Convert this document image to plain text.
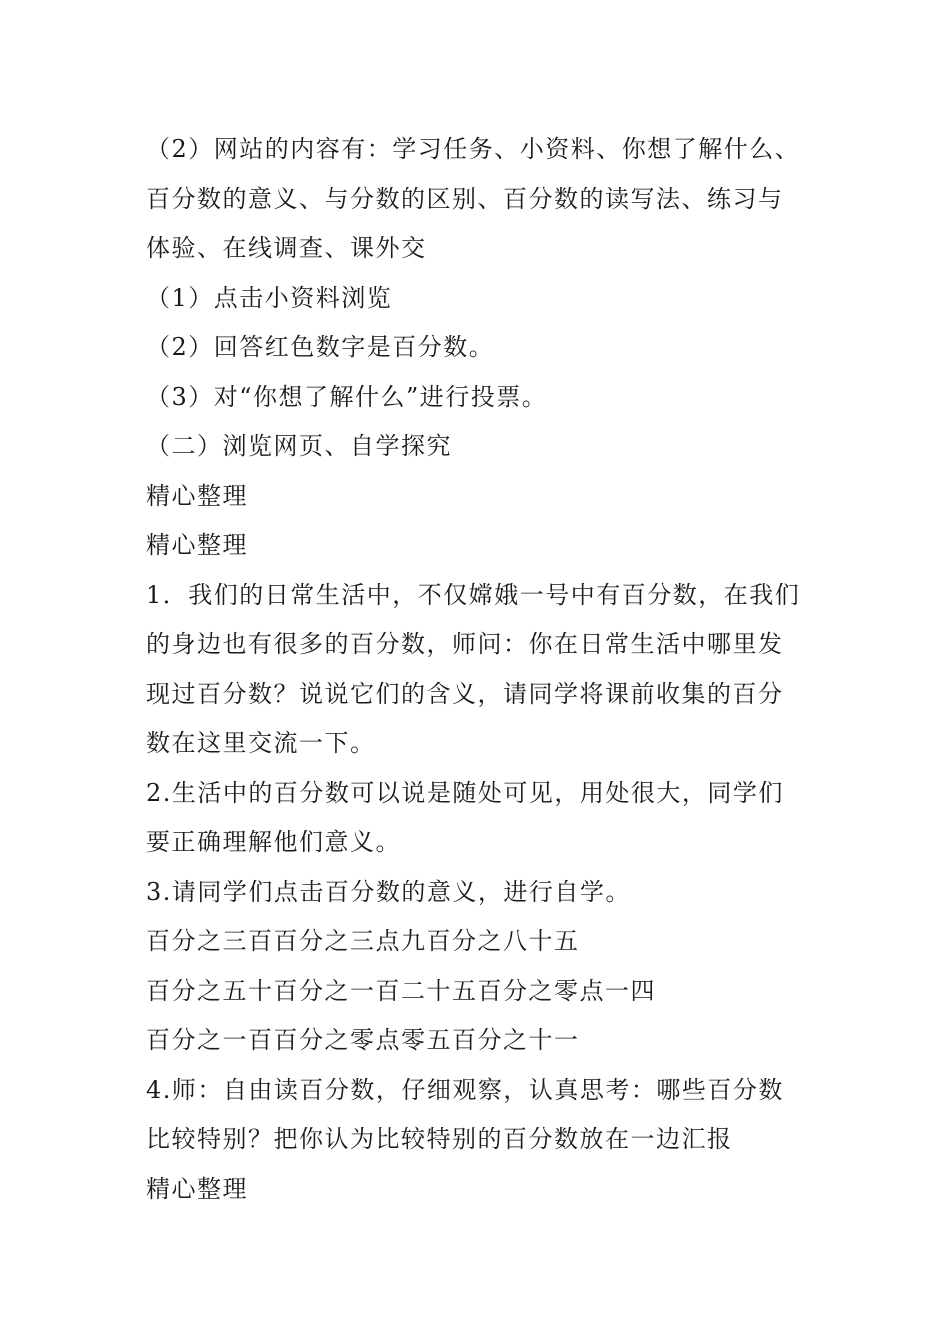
（2）网站的内容有：学习任务、小资料、你想了解什么、
百分数的意义、与分数的区别、百分数的读写法、练习与
体验、在线调查、课外交
（1）点击小资料浏览
（2）回答红色数字是百分数。
（3）对“你想了解什么”进行投票。
（二）浏览网页、自学探究
精心整理
精心整理
1．我们的日常生活中，不仅嫦娥一号中有百分数，在我们
的身边也有很多的百分数，师问：你在日常生活中哪里发
现过百分数？说说它们的含义，请同学将课前收集的百分
数在这里交流一下。
2.生活中的百分数可以说是随处可见，用处很大，同学们
要正确理解他们意义。
3.请同学们点击百分数的意义，进行自学。
百分之三百百分之三点九百分之八十五
百分之五十百分之一百二十五百分之零点一四
百分之一百百分之零点零五百分之十一
4.师：自由读百分数，仔细观察，认真思考：哪些百分数
比较特别？把你认为比较特别的百分数放在一边汇报
精心整理
